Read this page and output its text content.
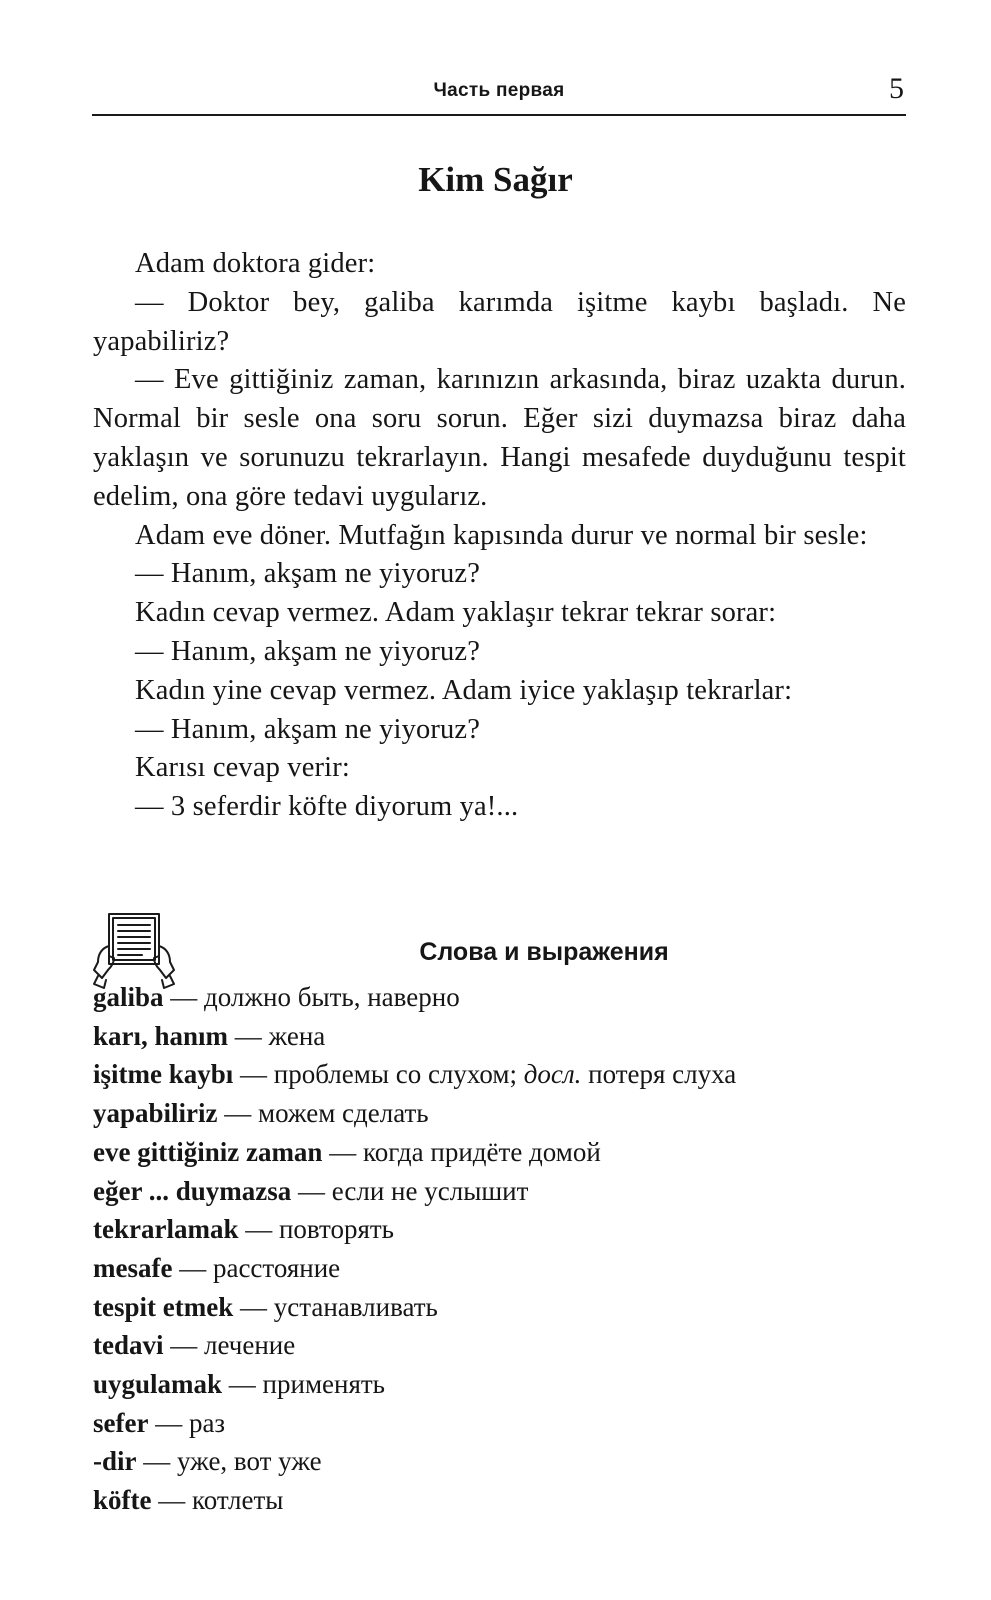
Часть первая	5
Kim Sağır

Adam doktora gider:

— Doktor bey, galiba karımda işitme kaybı başladı. Ne yapabiliriz?

— Eve gittiğiniz zaman, karınızın arkasında, biraz uzakta durun. Normal bir sesle ona soru sorun. Eğer sizi duymazsa biraz daha yaklaşın ve sorunuzu tekrarlayın. Hangi mesafede duyduğunu tespit edelim, ona göre tedavi uygularız.

Adam eve döner. Mutfağın kapısında durur ve normal bir sesle:

— Hanım, akşam ne yiyoruz?

Kadın cevap vermez. Adam yaklaşır tekrar tekrar sorar:

— Hanım, akşam ne yiyoruz?

Kadın yine cevap vermez. Adam iyice yaklaşıp tekrarlar:

— Hanım, akşam ne yiyoruz?

Karısı cevap verir:

— 3 seferdir köfte diyorum ya!...

Слова и выражения
galiba — должно быть, наверно
karı, hanım — жена
işitme kaybı — проблемы со слухом; досл. потеря слуха
yapabiliriz — можем сделать
eve gittiğiniz zaman — когда придёте домой
eğer ... duymazsa — если не услышит
tekrarlamak — повторять
mesafe — расстояние
tespit etmek — устанавливать
tedavi — лечение
uygulamak — применять
sefer — раз
-dir — уже, вот уже
köfte — котлеты
